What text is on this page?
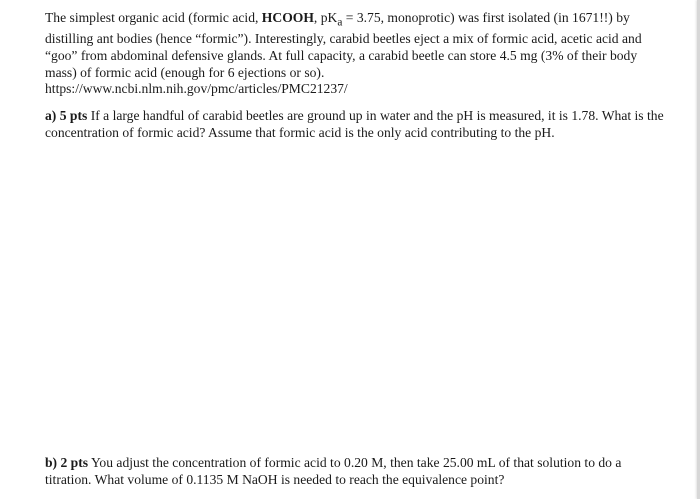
The simplest organic acid (formic acid, HCOOH, $pK_a = 3.75$, monoprotic) was first isolated (in 1671!!) by distilling ant bodies (hence “formic”). Interestingly, carabid beetles eject a mix of formic acid, acetic acid and “goo” from abdominal defensive glands. At full capacity, a carabid beetle can store 4.5 mg (3% of their body mass) of formic acid (enough for 6 ejections or so).
https://www.ncbi.nlm.nih.gov/pmc/articles/PMC21237/

a) 5 pts If a large handful of carabid beetles are ground up in water and the pH is measured, it is 1.78. What is the concentration of formic acid? Assume that formic acid is the only acid contributing to the pH.

b) 2 pts You adjust the concentration of formic acid to 0.20 M, then take 25.00 mL of that solution to do a titration. What volume of 0.1135 M NaOH is needed to reach the equivalence point?
